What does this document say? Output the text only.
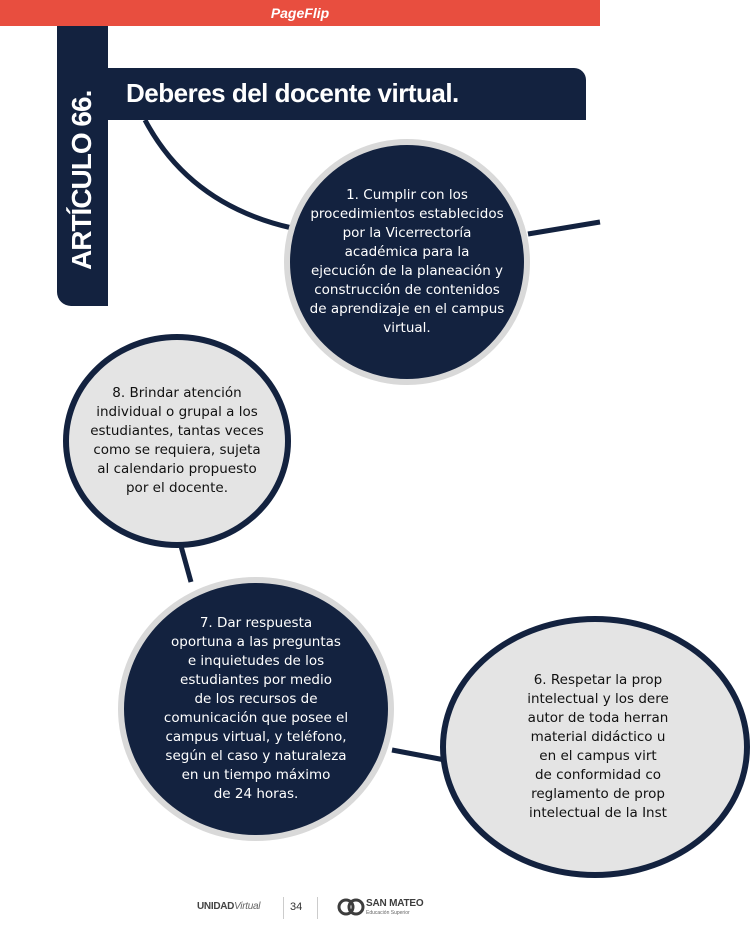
PageFlip
ARTÍCULO 66. Deberes del docente virtual.
1. Cumplir con los
procedimientos establecidos
por la Vicerrectoría
académica para la
ejecución de la planeación y
construcción de contenidos
de aprendizaje en el campus
virtual.
8. Brindar atención
individual o grupal a los
estudiantes, tantas veces
como se requiera, sujeta
al calendario propuesto
por el docente.
7. Dar respuesta
oportuna a las preguntas
e inquietudes de los
estudiantes por medio
de los recursos de
comunicación que posee el
campus virtual, y teléfono,
según el caso y naturaleza
en un tiempo máximo
de 24 horas.
6. Respetar la prop
intelectual y los dere
autor de toda herran
material didáctico u
en el campus virt
de conformidad co
reglamento de prop
intelectual de la Inst
UNIDADVirtual	34	SAN MATEO
Educación Superior
